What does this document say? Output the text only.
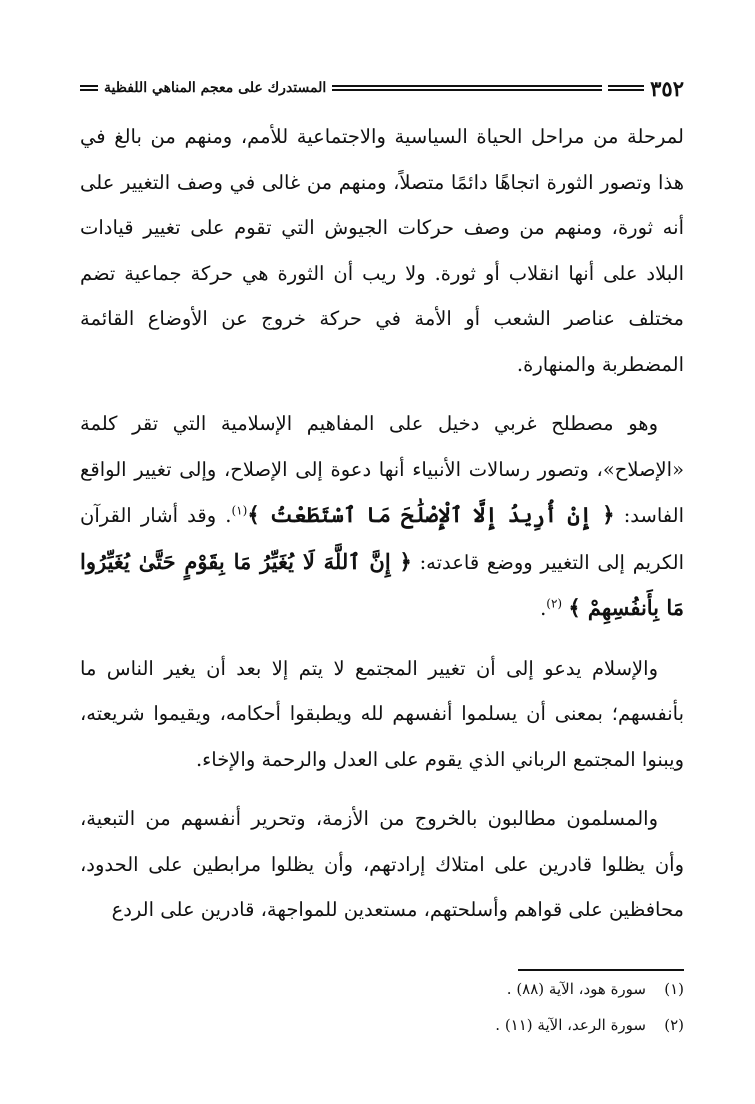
٣٥٢
المستدرك على معجم المناهي اللفظية

لمرحلة من مراحل الحياة السياسية والاجتماعية للأمم، ومنهم من بالغ في هذا وتصور الثورة اتجاهًا دائمًا متصلاً، ومنهم من غالى في وصف التغيير على أنه ثورة، ومنهم من وصف حركات الجيوش التي تقوم على تغيير قيادات البلاد على أنها انقلاب أو ثورة. ولا ريب أن الثورة هي حركة جماعية تضم مختلف عناصر الشعب أو الأمة في حركة خروج عن الأوضاع القائمة المضطربة والمنهارة.

وهو مصطلح غربي دخيل على المفاهيم الإسلامية التي تقر كلمة «الإصلاح»، وتصور رسالات الأنبياء أنها دعوة إلى الإصلاح، وإلى تغيير الواقع الفاسد: ﴿ إِنْ أُرِيدُ إِلَّا ٱلْإِصْلَٰحَ مَا ٱسْتَطَعْتُ ﴾$^{(١)}$. وقد أشار القرآن الكريم إلى التغيير ووضع قاعدته: ﴿ إِنَّ ٱللَّهَ لَا يُغَيِّرُ مَا بِقَوْمٍ حَتَّىٰ يُغَيِّرُوا مَا بِأَنفُسِهِمْ ﴾ $^{(٢)}$.

والإسلام يدعو إلى أن تغيير المجتمع لا يتم إلا بعد أن يغير الناس ما بأنفسهم؛ بمعنى أن يسلموا أنفسهم لله ويطبقوا أحكامه، ويقيموا شريعته، ويبنوا المجتمع الرباني الذي يقوم على العدل والرحمة والإخاء.

والمسلمون مطالبون بالخروج من الأزمة، وتحرير أنفسهم من التبعية، وأن يظلوا قادرين على امتلاك إرادتهم، وأن يظلوا مرابطين على الحدود، محافظين على قواهم وأسلحتهم، مستعدين للمواجهة، قادرين على الردع

(١)سورة هود، الآية (٨٨) .

(٢)سورة الرعد، الآية (١١) .
